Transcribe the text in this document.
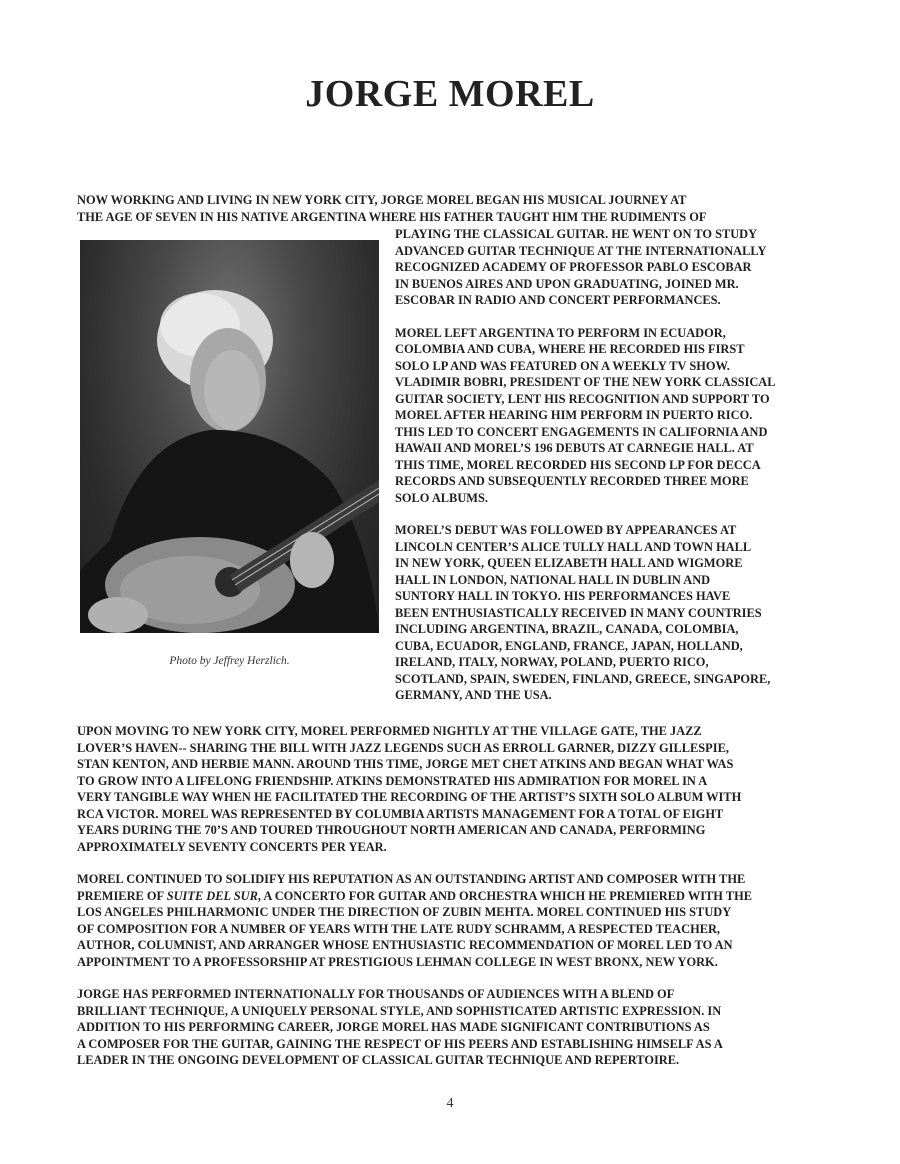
JORGE MOREL

NOW WORKING AND LIVING IN NEW YORK CITY, JORGE MOREL BEGAN HIS MUSICAL JOURNEY AT

THE AGE OF SEVEN IN HIS NATIVE ARGENTINA WHERE HIS FATHER TAUGHT HIM THE RUDIMENTS OF

Photo by Jeffrey Herzlich.

PLAYING THE CLASSICAL GUITAR. HE WENT ON TO STUDY

ADVANCED GUITAR TECHNIQUE AT THE INTERNATIONALLY

RECOGNIZED ACADEMY OF PROFESSOR PABLO ESCOBAR

IN BUENOS AIRES AND UPON GRADUATING, JOINED MR.

ESCOBAR IN RADIO AND CONCERT PERFORMANCES.

MOREL LEFT ARGENTINA TO PERFORM IN ECUADOR,

COLOMBIA AND CUBA, WHERE HE RECORDED HIS FIRST

SOLO LP AND WAS FEATURED ON A WEEKLY TV SHOW.

VLADIMIR BOBRI, PRESIDENT OF THE NEW YORK CLASSICAL

GUITAR SOCIETY, LENT HIS RECOGNITION AND SUPPORT TO

MOREL AFTER HEARING HIM PERFORM IN PUERTO RICO.

THIS LED TO CONCERT ENGAGEMENTS IN CALIFORNIA AND

HAWAII AND MOREL’S 196 DEBUTS AT CARNEGIE HALL. AT

THIS TIME, MOREL RECORDED HIS SECOND LP FOR DECCA

RECORDS AND SUBSEQUENTLY RECORDED THREE MORE

SOLO ALBUMS.

MOREL’S DEBUT WAS FOLLOWED BY APPEARANCES AT

LINCOLN CENTER’S ALICE TULLY HALL AND TOWN HALL

IN NEW YORK, QUEEN ELIZABETH HALL AND WIGMORE

HALL IN LONDON, NATIONAL HALL IN DUBLIN AND

SUNTORY HALL IN TOKYO. HIS PERFORMANCES HAVE

BEEN ENTHUSIASTICALLY RECEIVED IN MANY COUNTRIES

INCLUDING ARGENTINA, BRAZIL, CANADA, COLOMBIA,

CUBA, ECUADOR, ENGLAND, FRANCE, JAPAN, HOLLAND,

IRELAND, ITALY, NORWAY, POLAND, PUERTO RICO,

SCOTLAND, SPAIN, SWEDEN, FINLAND, GREECE, SINGAPORE,

GERMANY, AND THE USA.

UPON MOVING TO NEW YORK CITY, MOREL PERFORMED NIGHTLY AT THE VILLAGE GATE, THE JAZZ

LOVER’S HAVEN-- SHARING THE BILL WITH JAZZ LEGENDS SUCH AS ERROLL GARNER, DIZZY GILLESPIE,

STAN KENTON, AND HERBIE MANN. AROUND THIS TIME, JORGE MET CHET ATKINS AND BEGAN WHAT WAS

TO GROW INTO A LIFELONG FRIENDSHIP. ATKINS DEMONSTRATED HIS ADMIRATION FOR MOREL IN A

VERY TANGIBLE WAY WHEN HE FACILITATED THE RECORDING OF THE ARTIST’S SIXTH SOLO ALBUM WITH

RCA VICTOR. MOREL WAS REPRESENTED BY COLUMBIA ARTISTS MANAGEMENT FOR A TOTAL OF EIGHT

YEARS DURING THE 70’S AND TOURED THROUGHOUT NORTH AMERICAN AND CANADA, PERFORMING

APPROXIMATELY SEVENTY CONCERTS PER YEAR.

MOREL CONTINUED TO SOLIDIFY HIS REPUTATION AS AN OUTSTANDING ARTIST AND COMPOSER WITH THE

PREMIERE OF SUITE DEL SUR, A CONCERTO FOR GUITAR AND ORCHESTRA WHICH HE PREMIERED WITH THE

LOS ANGELES PHILHARMONIC UNDER THE DIRECTION OF ZUBIN MEHTA. MOREL CONTINUED HIS STUDY

OF COMPOSITION FOR A NUMBER OF YEARS WITH THE LATE RUDY SCHRAMM, A RESPECTED TEACHER,

AUTHOR, COLUMNIST, AND ARRANGER WHOSE ENTHUSIASTIC RECOMMENDATION OF MOREL LED TO AN

APPOINTMENT TO A PROFESSORSHIP AT PRESTIGIOUS LEHMAN COLLEGE IN WEST BRONX, NEW YORK.

JORGE HAS PERFORMED INTERNATIONALLY FOR THOUSANDS OF AUDIENCES WITH A BLEND OF

BRILLIANT TECHNIQUE, A UNIQUELY PERSONAL STYLE, AND SOPHISTICATED ARTISTIC EXPRESSION. IN

ADDITION TO HIS PERFORMING CAREER, JORGE MOREL HAS MADE SIGNIFICANT CONTRIBUTIONS AS

A COMPOSER FOR THE GUITAR, GAINING THE RESPECT OF HIS PEERS AND ESTABLISHING HIMSELF AS A

LEADER IN THE ONGOING DEVELOPMENT OF CLASSICAL GUITAR TECHNIQUE AND REPERTOIRE.

4
